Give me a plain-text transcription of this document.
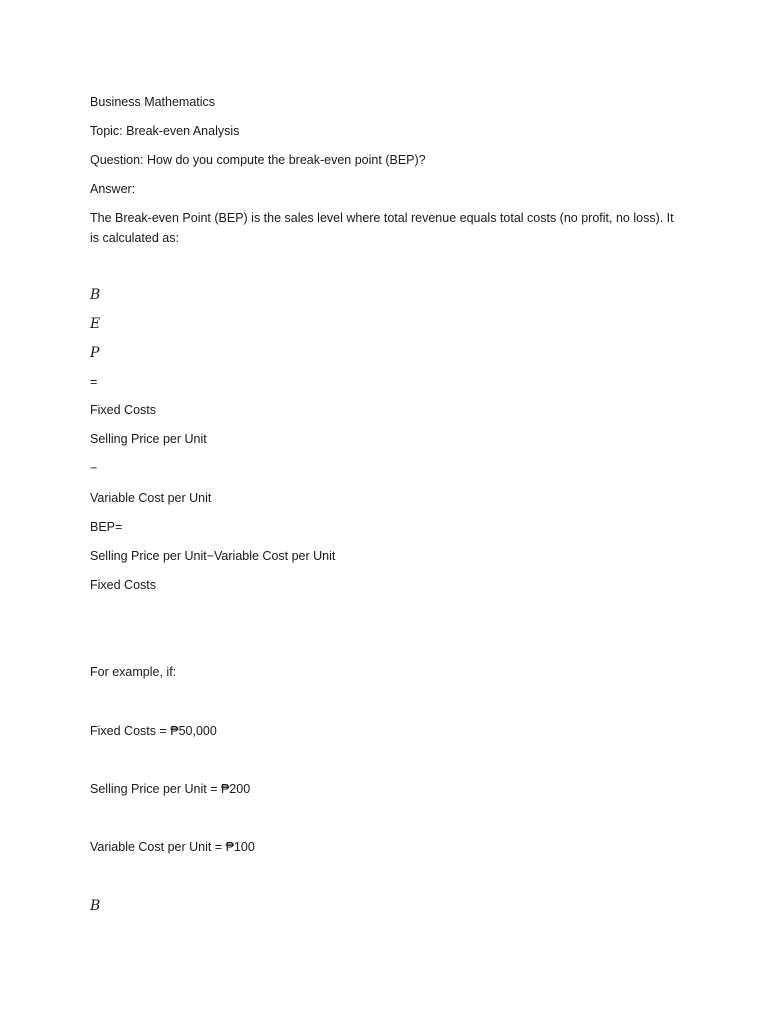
Business Mathematics
Topic: Break-even Analysis
Question: How do you compute the break-even point (BEP)?
Answer:
The Break-even Point (BEP) is the sales level where total revenue equals total costs (no profit, no loss). It is calculated as:
B
E
P
=
Fixed Costs
Selling Price per Unit
−
Variable Cost per Unit
BEP=
Selling Price per Unit−Variable Cost per Unit
Fixed Costs
For example, if:
Fixed Costs = ₱50,000
Selling Price per Unit = ₱200
Variable Cost per Unit = ₱100
B
